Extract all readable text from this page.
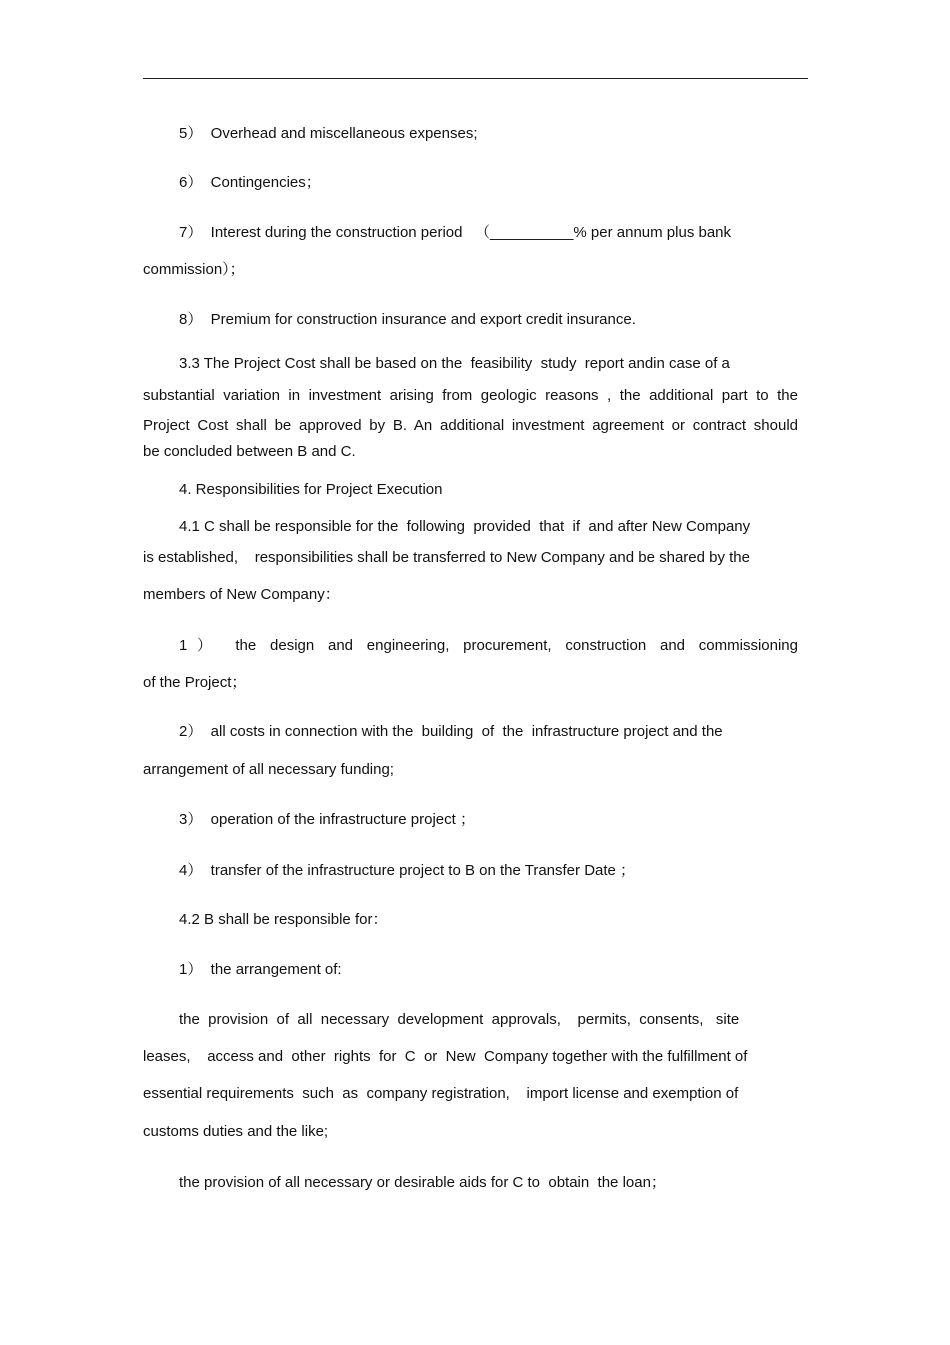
5）  Overhead and miscellaneous expenses;
6）  Contingencies；
7）  Interest during the construction period   （__________% per annum plus bank
commission）；
8）  Premium for construction insurance and export credit insurance.
3.3 The Project Cost shall be based on the  feasibility  study  report andin case of a
substantial variation in investment arising from geologic reasons , the additional part to the
Project Cost shall be approved by B. An additional investment agreement or contract should
be concluded between B and C.
4. Responsibilities for Project Execution
4.1 C shall be responsible for the  following  provided  that  if  and after New Company
is established,    responsibilities shall be transferred to New Company and be shared by the
members of New Company：
1） the design and engineering, procurement, construction and commissioning
of the Project；
2）  all costs in connection with the  building  of  the  infrastructure project and the
arrangement of all necessary funding;
3）  operation of the infrastructure project ；
4）  transfer of the infrastructure project to B on the Transfer Date ；
4.2 B shall be responsible for：
1）  the arrangement of:
the  provision  of  all  necessary  development  approvals,    permits,  consents,   site
leases,    access and  other  rights  for  C  or  New  Company together with the fulfillment of
essential requirements  such  as  company registration,    import license and exemption of
customs duties and the like;
the provision of all necessary or desirable aids for C to  obtain  the loan；
